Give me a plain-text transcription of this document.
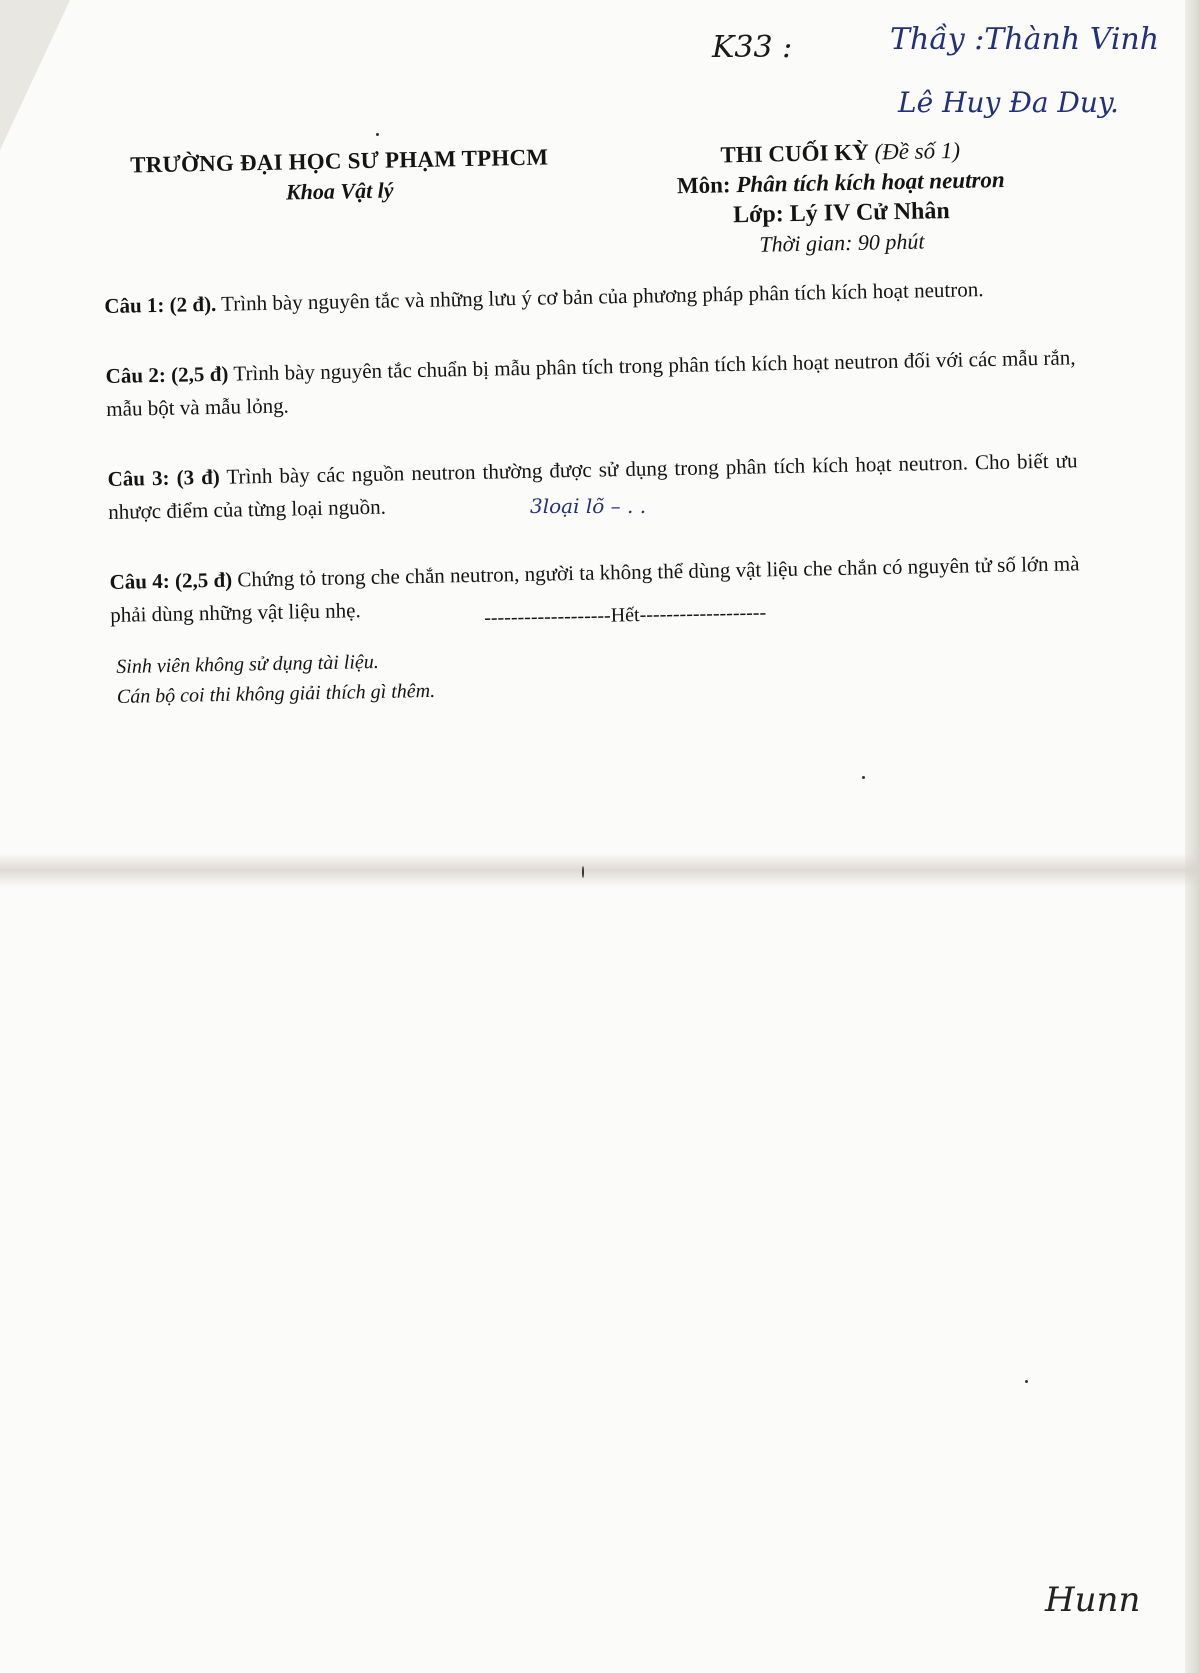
K33 :	Thầy :Thành Vinh
Lê Huy Đa Duy.
TRƯỜNG ĐẠI HỌC SƯ PHẠM TPHCM
Khoa Vật lý
THI CUỐI KỲ (Đề số 1)
Môn: Phân tích kích hoạt neutron
Lớp: Lý IV Cử Nhân
Thời gian: 90 phút

Câu 1: (2 đ). Trình bày nguyên tắc và những lưu ý cơ bản của phương pháp phân tích kích hoạt neutron.

Câu 2: (2,5 đ) Trình bày nguyên tắc chuẩn bị mẫu phân tích trong phân tích kích hoạt neutron đối với các mẫu rắn, mẫu bột và mẫu lỏng.

Câu 3: (3 đ) Trình bày các nguồn neutron thường được sử dụng trong phân tích kích hoạt neutron. Cho biết ưu nhược điểm của từng loại nguồn.

Câu 4: (2,5 đ) Chứng tỏ trong che chắn neutron, người ta không thể dùng vật liệu che chắn có nguyên tử số lớn mà phải dùng những vật liệu nhẹ.

3loại lõ – . .
-------------------Hết-------------------
Sinh viên không sử dụng tài liệu.
Cán bộ coi thi không giải thích gì thêm.
Hunn
